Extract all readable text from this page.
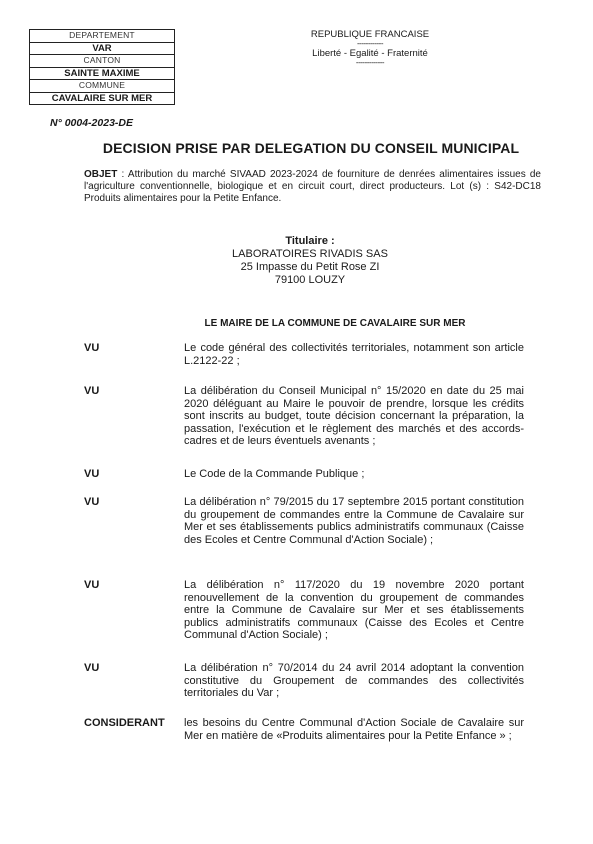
DEPARTEMENT
VAR
CANTON
SAINTE MAXIME
COMMUNE
CAVALAIRE SUR MER
REPUBLIQUE FRANCAISE
------------
Liberté - Egalité - Fraternité
-------------
N° 0004-2023-DE
DECISION PRISE PAR DELEGATION DU CONSEIL MUNICIPAL
OBJET : Attribution du marché SIVAAD 2023-2024 de fourniture de denrées alimentaires issues de l'agriculture conventionnelle, biologique et en circuit court, direct producteurs. Lot (s) : S42-DC18 Produits alimentaires pour la Petite Enfance.
Titulaire :
LABORATOIRES RIVADIS SAS
25 Impasse du Petit Rose ZI
79100 LOUZY
LE MAIRE DE LA COMMUNE DE CAVALAIRE SUR MER
VU	Le code général des collectivités territoriales, notamment son article L.2122-22 ;
VU	La délibération du Conseil Municipal n° 15/2020 en date du 25 mai 2020 déléguant au Maire le pouvoir de prendre, lorsque les crédits sont inscrits au budget, toute décision concernant la préparation, la passation, l'exécution et le règlement des marchés et des accords-cadres et de leurs éventuels avenants ;
VU	Le Code de la Commande Publique ;
VU	La délibération n° 79/2015 du 17 septembre 2015 portant constitution du groupement de commandes entre la Commune de Cavalaire sur Mer et ses établissements publics administratifs communaux (Caisse des Ecoles et Centre Communal d'Action Sociale) ;
VU	La délibération n° 117/2020 du 19 novembre 2020 portant renouvellement de la convention du groupement de commandes entre la Commune de Cavalaire sur Mer et ses établissements publics administratifs communaux (Caisse des Ecoles et Centre Communal d'Action Sociale) ;
VU	La délibération n° 70/2014 du 24 avril 2014 adoptant la convention constitutive du Groupement de commandes des collectivités territoriales du Var ;
CONSIDERANT les besoins du Centre Communal d'Action Sociale de Cavalaire sur Mer en matière de «Produits alimentaires pour la Petite Enfance » ;
